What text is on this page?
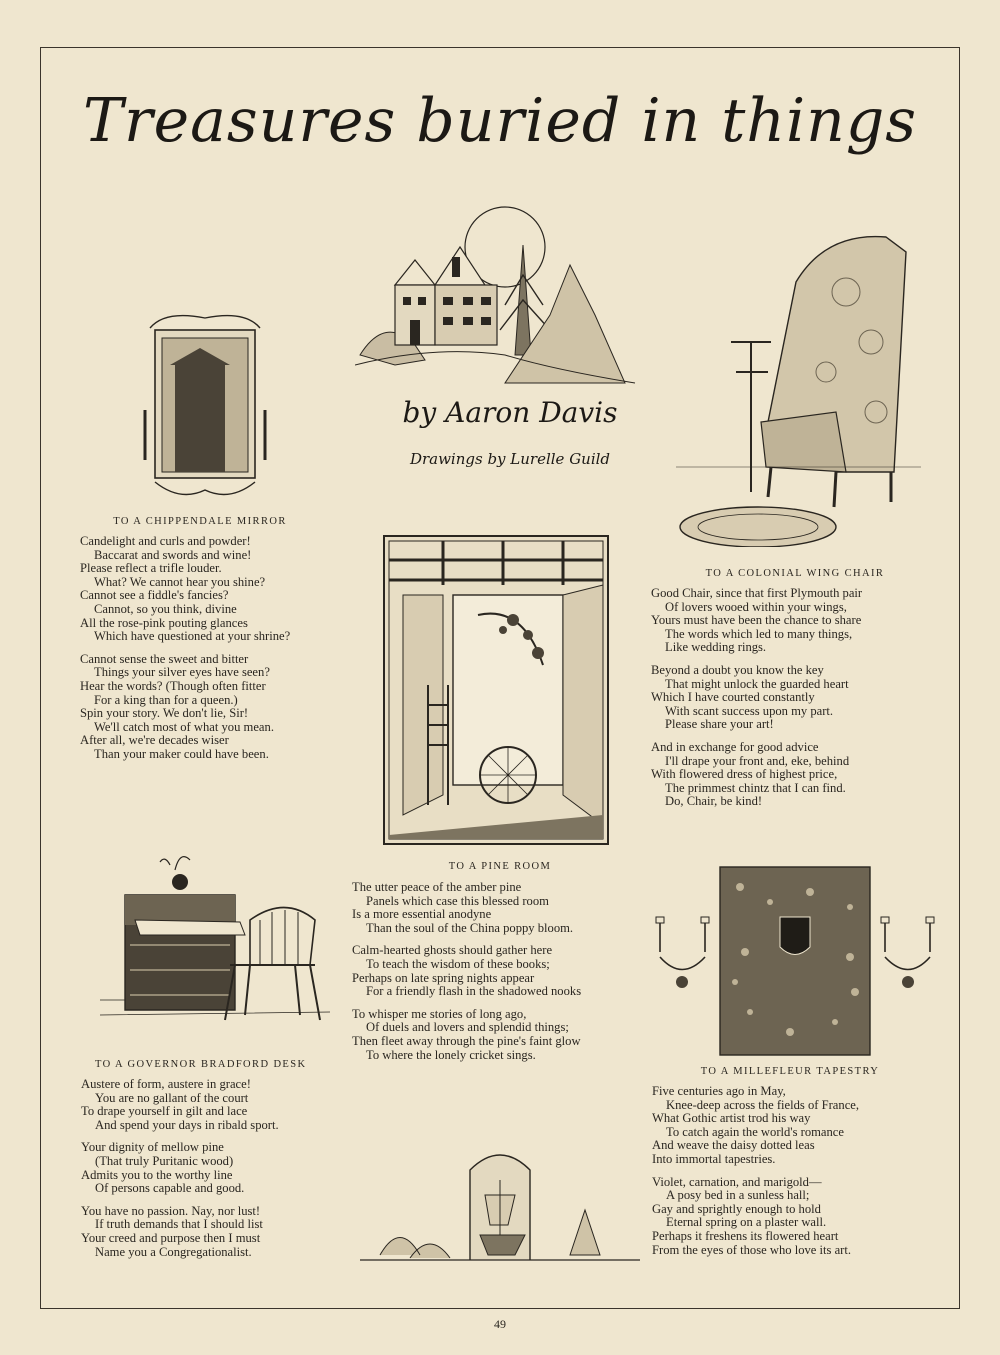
Treasures buried in things
by Aaron Davis
Drawings by Lurelle Guild
TO A CHIPPENDALE MIRROR
Candelight and curls and powder!
Baccarat and swords and wine!
Please reflect a trifle louder.
What? We cannot hear you shine?
Cannot see a fiddle's fancies?
Cannot, so you think, divine
All the rose-pink pouting glances
Which have questioned at your shrine?
Cannot sense the sweet and bitter
Things your silver eyes have seen?
Hear the words? (Though often fitter
For a king than for a queen.)
Spin your story. We don't lie, Sir!
We'll catch most of what you mean.
After all, we're decades wiser
Than your maker could have been.
TO A COLONIAL WING CHAIR
Good Chair, since that first Plymouth pair
Of lovers wooed within your wings,
Yours must have been the chance to share
The words which led to many things,
Like wedding rings.
Beyond a doubt you know the key
That might unlock the guarded heart
Which I have courted constantly
With scant success upon my part.
Please share your art!
And in exchange for good advice
I'll drape your front and, eke, behind
With flowered dress of highest price,
The primmest chintz that I can find.
Do, Chair, be kind!
TO A PINE ROOM
The utter peace of the amber pine
Panels which case this blessed room
Is a more essential anodyne
Than the soul of the China poppy bloom.
Calm-hearted ghosts should gather here
To teach the wisdom of these books;
Perhaps on late spring nights appear
For a friendly flash in the shadowed nooks
To whisper me stories of long ago,
Of duels and lovers and splendid things;
Then fleet away through the pine's faint glow
To where the lonely cricket sings.
TO A GOVERNOR BRADFORD DESK
Austere of form, austere in grace!
You are no gallant of the court
To drape yourself in gilt and lace
And spend your days in ribald sport.
Your dignity of mellow pine
(That truly Puritanic wood)
Admits you to the worthy line
Of persons capable and good.
You have no passion. Nay, nor lust!
If truth demands that I should list
Your creed and purpose then I must
Name you a Congregationalist.
TO A MILLEFLEUR TAPESTRY
Five centuries ago in May,
Knee-deep across the fields of France,
What Gothic artist trod his way
To catch again the world's romance
And weave the daisy dotted leas
Into immortal tapestries.
Violet, carnation, and marigold—
A posy bed in a sunless hall;
Gay and sprightly enough to hold
Eternal spring on a plaster wall.
Perhaps it freshens its flowered heart
From the eyes of those who love its art.
49
